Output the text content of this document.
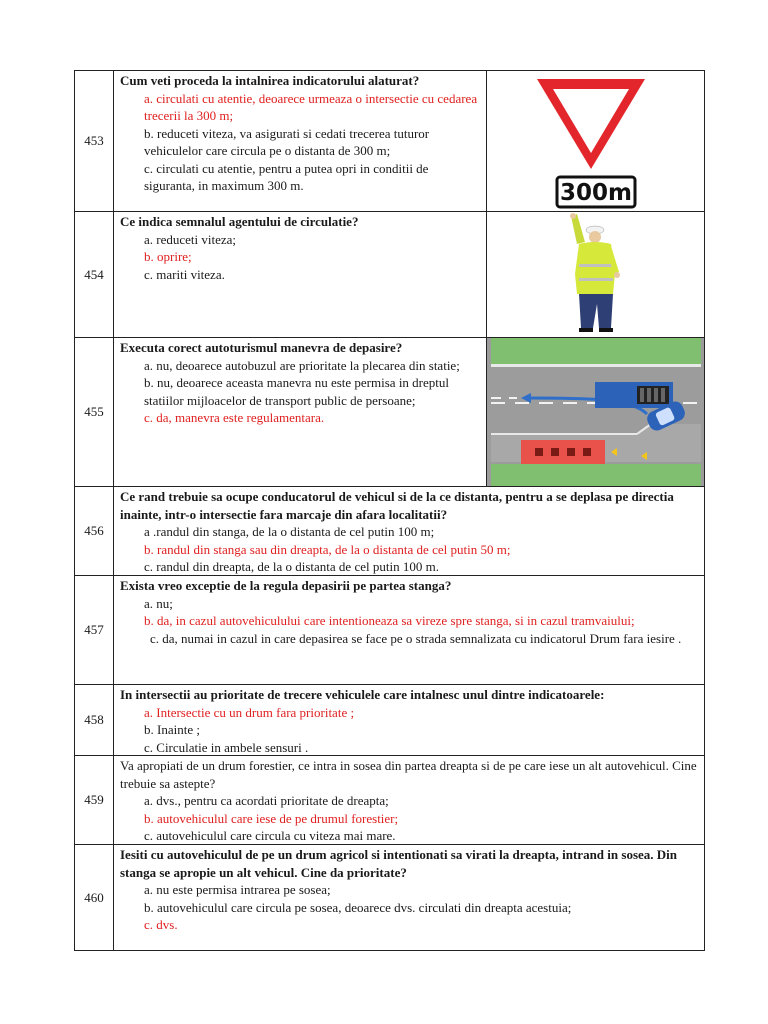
453
Cum veti proceda la intalnirea indicatorului alaturat?
a. circulati cu atentie, deoarece urmeaza o intersectie cu cedarea trecerii la 300 m;
b. reduceti viteza, va asigurati si cedati trecerea tuturor vehiculelor care circula pe o distanta de 300 m;
c. circulati cu atentie, pentru a putea opri in conditii de siguranta, in maximum 300 m.	300m
454
Ce indica semnalul agentului de circulatie?
a. reduceti viteza;
b. oprire;
c. mariti viteza.
455
Executa corect autoturismul manevra de depasire?
a. nu, deoarece autobuzul are prioritate la plecarea din statie;
b. nu, deoarece aceasta manevra nu este permisa in dreptul statiilor mijloacelor de transport public de persoane;
c. da, manevra este regulamentara.
456
Ce rand trebuie sa ocupe conducatorul de vehicul si de la ce distanta, pentru a se deplasa pe directia inainte, intr-o intersectie fara marcaje din afara localitatii?
a .randul din stanga, de la o distanta de cel putin 100 m;
b. randul din stanga sau din dreapta, de la o distanta de cel putin 50 m;
c. randul din dreapta, de la o distanta de cel putin 100 m.
457
Exista vreo exceptie de la regula depasirii pe partea stanga?
a. nu;
b. da, in cazul autovehiculului care intentioneaza sa vireze spre stanga, si in cazul tramvaiului;
c. da, numai in cazul in care depasirea se face pe o strada semnalizata cu indicatorul Drum fara iesire .
458
In intersectii au prioritate de trecere vehiculele care intalnesc unul dintre indicatoarele:
a. Intersectie cu un drum fara prioritate ;
b. Inainte ;
c. Circulatie in ambele sensuri .
459
Va apropiati de un drum forestier, ce intra in sosea din partea dreapta si de pe care iese un alt autovehicul. Cine trebuie sa astepte?
a. dvs., pentru ca acordati prioritate de dreapta;
b. autovehiculul care iese de pe drumul forestier;
c. autovehiculul care circula cu viteza mai mare.
460
Iesiti cu autovehiculul de pe un drum agricol si intentionati sa virati la dreapta, intrand in sosea. Din stanga se apropie un alt vehicul. Cine da prioritate?
a. nu este permisa intrarea pe sosea;
b. autovehiculul care circula pe sosea, deoarece dvs. circulati din dreapta acestuia;
c. dvs.
